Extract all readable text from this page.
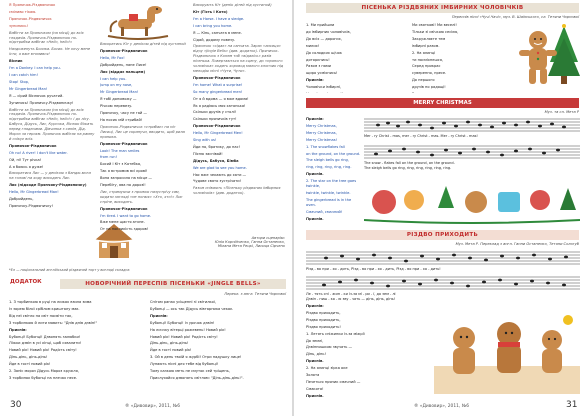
Я Пряничок-Різдвяничок

сміливо тікаю.

Пряничок-Різдвяничок

зупинись!

Вибігти за Пряничком (на місці) до всіх глядачів. Пряничок-Різдвяничок по-підстрибки вибігає «Hello, hello!»

Наздоженуть Босика. Босик. Не хочу мене їсти, я вже втомився!

Вісник

I'm a Donkey. I can help you.

I can catch him!

Stop! Stop,

Mr Gingerbread Man!

Я — сірий Віслючок ручатий.

Зупинись! Пряничку-Різдвяничку!

Вибігти за Пряничком (на місці) до всіх глядачів. Пряничок-Різдвяничок по-підстрибки вибігає «Hello, hello!» і до лісу. Бабуся, Дідусь, Лис, Курочка, Віслюк біжать перед глядачами. Дівчинка з синім, Дід-Мороз за героєм. Пряничок вибігає на рампу й очікує всіх.

Пряничок-Різдвяничок

Oh no! A river! I don't like water.

Ой, ні! Тут річка!

А я боюсь я дуже!

Вихоратися Лис — у денікою з бандю-моги на голові на ходу виходить Лис.

Лис (підходе Прянчику-Різдвяничку)

Hello, Mr Gingerbread Man!

Добрийдень,

Пряничку-Різдвяничку!

Вихоратись Кіт у денікою дітей під хустиной

Пряничок-Різдвяничок

Hello, Mr Fox!

Добрийдень, пане Лисе!

Лис (віддає пальцем)

I can help you.

Jump on my nose,

Mr Gingerbread Man!

Я тобі допоможу —

Річкою перевезу.

Пряничку, часу не гай —

На носик мій стрибай!

Пряничок-Різдвяничок «стрибає» на ніс Лисиці, Лис це скрипучи, вводить, щоб рила пряника.

Пряничок-Різдвяничок

Look! The man smiles

from run!

Босий і Кіт з Котебка,

Так я встромив всі крові!

Вона запросила на місце —

Перебігу, ява по дорозі!

Лис, стримуючи з промою назустрічу сам, кидати загляді «не понює» «Хто, хто!» Лис стріне, виходить.

Пряничок-Різдвяничок

I'm tired. I want to go home.

Вже мене щастя атхне.

От на покликість здоров!

Вихорують Кіт (денік дітей під хустиной)

Кіт (Гість і Кото)

I'm a Horse. I have a sledge.

I can bring you home.

Я — Кінь, санчата в мене.

Сідай, додому повезу.

Пряничок «сідає» на санчата. Зараз «лисиця» відчу «Jingle Bells» (див. додаток). Пряничок-Різдвяничок з Конем тоб «відалісь» разів пісенька. Повертаються на сцену, до «пряного чоловічка» ходить хоровод малого хлопчик під мелодію пісні «Чути, Чути».

Пряничок-Різдвяничок

I'm home! What a surprise!

So many gingerbread men!

От я й вдома — я вже вдома!

Як я радіюсь моя хатонька!

Скільки друзів у столі!

Скільки пряничків тут!

Пряничок-Різдвяничок

Hello, Mr Gingerbread Men!

Sing with us!

Йди но, братику, до нас!

Пісню заспівай!

Дідусь, Бабуся, Бімба

We are glad to see you home.

Нас вже чекають до хати —

Чудове свято зустрічати!

Разом співають «Пісеньку різдвяних імбирних чоловічків» (див. додаток).

Автори сценарію:
Юлія Корнійченко, Ганна Остапенко,
Мілана Мета Рецкі, Лисиця Сірчено
*Ел — національний англійський різдвяний торт у вигляді складок
ДОДАТОК	НОВОРІЧНИЙ ПЕРЕСПІВ ПІСЕНЬКИ «JINGLE BELLS»
Перекл. з англ. Тетяни Чорнової

1. З торбинкою в руці на лижах взила зима

Із зорею білої сріблом кришталу має.

Від неї світло на світ посвіти так,

З торбинкою й лити мовить: "Днів днів дзвін!"

Приспів:

Бубонці! Бубонці! Дзвонять залюбки!

Ліжки дзвін в усі кінці, щоб схвалити!

Новий рік! Новий рік! Радість світу!

Дінь-дінь, дінь-дінь!

Йде в гості новий рік!

2. Заніс мороз Дідусь Мороз кружля,

З торбинок бубонці на плечах несе.

Снігом ранах усіщенні зі світилкої,

Бубонці — ось так Дідусь вівтарника чекає.

Приспів:

Бубонці! Бубонці! Із урочок дзвін!

На личчку вітерці рожевень! Новий рік!

Новий рік! Новий рік! Радість світу!

Дінь-дінь, дінь-дінь!

Йде в гості новий рік!

3. Ой в день твоїй я журбі! Отри надушку лице!

Лунають пісні для тебе від бубонці!

Тому казкою меть не смуток сей тріщень,

Прислухайся дзвонять світлом: "Дінь-дінь-дінь!".

30	® «Дивовир», 2011, №6
ПІСЕНЬКА РІЗДВЯНИХ ІМБИРНИХ ЧОЛОВІЧКІВ
Переспів пісні «Чучі-Чачі», муз. В. Шаїнського, сл. Тетяни Чорнової

1. Ми прийшли

до імбирних чоловічків,

До всіх — дорогих,

милих!

До солодких щічок

доторкнись!

Разом з нами

щиро усміхнись!

Приспів:

Чоловічки імбирні,

Ми святкові! Ми веселі!

Тільки зі свічкою сесією,

Закружляєте тем

імбирні разом.

2. На ялинці

ти посміхнешся,

Серед прикрас

суверенно, пресе.

До першого

друзів по радощі!

MERRY CHRISTMAS
Муз. та сл. Мета Р
Mer - ry Christ - mas, mer - ry Christ - mas. Mer - ry Christ - mas!

Приспів:

Merry Christmas,

Merry Christmas,

Merry Christmas!

1. The snowflakes fall

on the ground, on the ground.

The sleigh bells go ring,

ring, ring, ring, ring, ring.

Приспів.

2. The star on the tree goes twinkle,

twinkle, twinkle, twinkle.

The gingerbread is in the oven.

Смачний, смачний!

Приспів.

The snow - flakes fall on the ground, on the ground.
The sleigh bells go ring, ring, ring, ring, ring, ring.
РІЗДВО ПРИХОДИТЬ
Муз. Мета Р. Переклад з англ. Ганни Остапенко, Тетяни Сологуб
Різд - во при - хо - дить, Різд - во при - хо - дить, Різд - во при - хо - дить!
Ле - тять сні - жин - ки із-за мі - ри - ї, до зем - лі
Дзвін - ниш - ко - ю зву - чать — дінь, дінь, дінь!

Приспів:

Різдво приходить,

Різдво приходить,

Різдво приходить!

1. Летять сніжинки із-за міжрії

До землі,

Дзвіннишкою звучать —

Дінь, дінь!

Приспів.

2. На ялинці зірка оке

Золота

Печеться пряник смачний —

Смакота!

Приспів.

® «Дивовир», 2011, №6	31
